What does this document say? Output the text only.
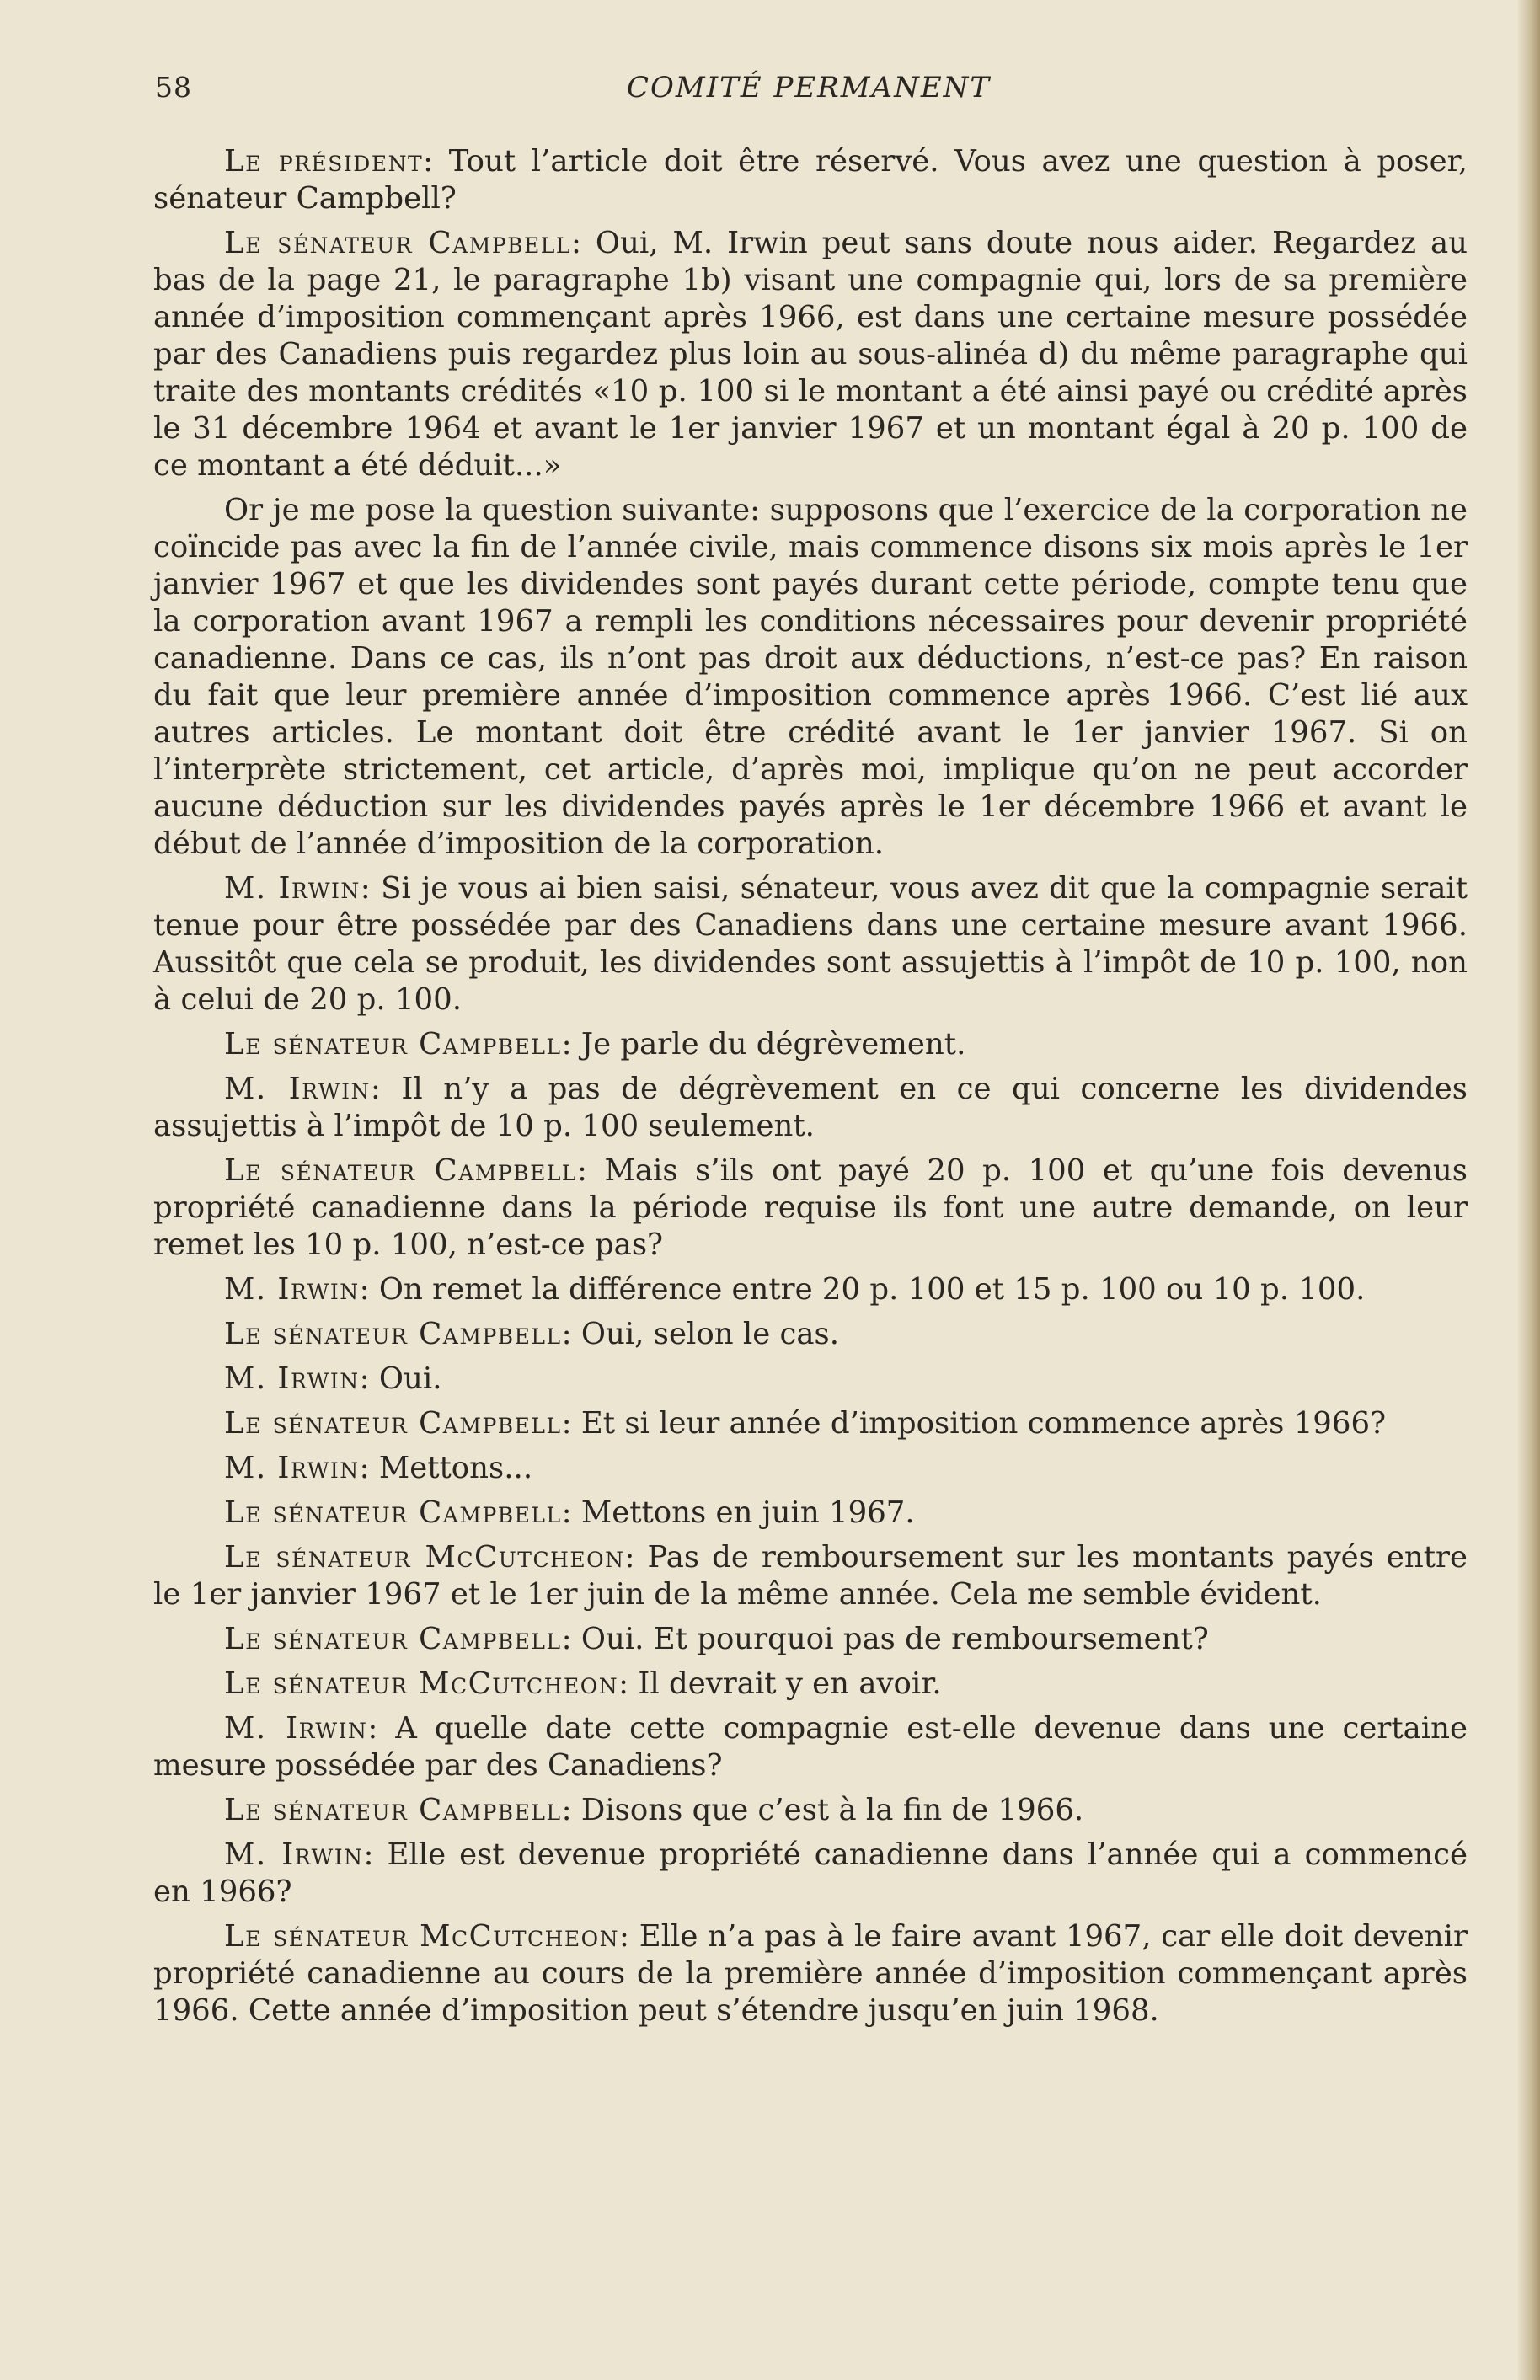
58	COMITÉ PERMANENT

Le président: Tout l’article doit être réservé. Vous avez une question à poser, sénateur Campbell?

Le sénateur Campbell: Oui, M. Irwin peut sans doute nous aider. Regardez au bas de la page 21, le paragraphe 1b) visant une compagnie qui, lors de sa première année d’imposition commençant après 1966, est dans une certaine mesure possédée par des Canadiens puis regardez plus loin au sous-alinéa d) du même paragraphe qui traite des montants crédités «10 p. 100 si le montant a été ainsi payé ou crédité après le 31 décembre 1964 et avant le 1er janvier 1967 et un montant égal à 20 p. 100 de ce montant a été déduit...»

Or je me pose la question suivante: supposons que l’exercice de la corporation ne coïncide pas avec la fin de l’année civile, mais commence disons six mois après le 1er janvier 1967 et que les dividendes sont payés durant cette période, compte tenu que la corporation avant 1967 a rempli les conditions nécessaires pour devenir propriété canadienne. Dans ce cas, ils n’ont pas droit aux déductions, n’est-ce pas? En raison du fait que leur première année d’imposition commence après 1966. C’est lié aux autres articles. Le montant doit être crédité avant le 1er janvier 1967. Si on l’interprète strictement, cet article, d’après moi, implique qu’on ne peut accorder aucune déduction sur les dividendes payés après le 1er décembre 1966 et avant le début de l’année d’imposition de la corporation.

M. Irwin: Si je vous ai bien saisi, sénateur, vous avez dit que la compagnie serait tenue pour être possédée par des Canadiens dans une certaine mesure avant 1966. Aussitôt que cela se produit, les dividendes sont assujettis à l’impôt de 10 p. 100, non à celui de 20 p. 100.

Le sénateur Campbell: Je parle du dégrèvement.

M. Irwin: Il n’y a pas de dégrèvement en ce qui concerne les dividendes assujettis à l’impôt de 10 p. 100 seulement.

Le sénateur Campbell: Mais s’ils ont payé 20 p. 100 et qu’une fois devenus propriété canadienne dans la période requise ils font une autre demande, on leur remet les 10 p. 100, n’est-ce pas?

M. Irwin: On remet la différence entre 20 p. 100 et 15 p. 100 ou 10 p. 100.

Le sénateur Campbell: Oui, selon le cas.

M. Irwin: Oui.

Le sénateur Campbell: Et si leur année d’imposition commence après 1966?

M. Irwin: Mettons...

Le sénateur Campbell: Mettons en juin 1967.

Le sénateur McCutcheon: Pas de remboursement sur les montants payés entre le 1er janvier 1967 et le 1er juin de la même année. Cela me semble évident.

Le sénateur Campbell: Oui. Et pourquoi pas de remboursement?

Le sénateur McCutcheon: Il devrait y en avoir.

M. Irwin: A quelle date cette compagnie est-elle devenue dans une certaine mesure possédée par des Canadiens?

Le sénateur Campbell: Disons que c’est à la fin de 1966.

M. Irwin: Elle est devenue propriété canadienne dans l’année qui a commencé en 1966?

Le sénateur McCutcheon: Elle n’a pas à le faire avant 1967, car elle doit devenir propriété canadienne au cours de la première année d’imposition commençant après 1966. Cette année d’imposition peut s’étendre jusqu’en juin 1968.
